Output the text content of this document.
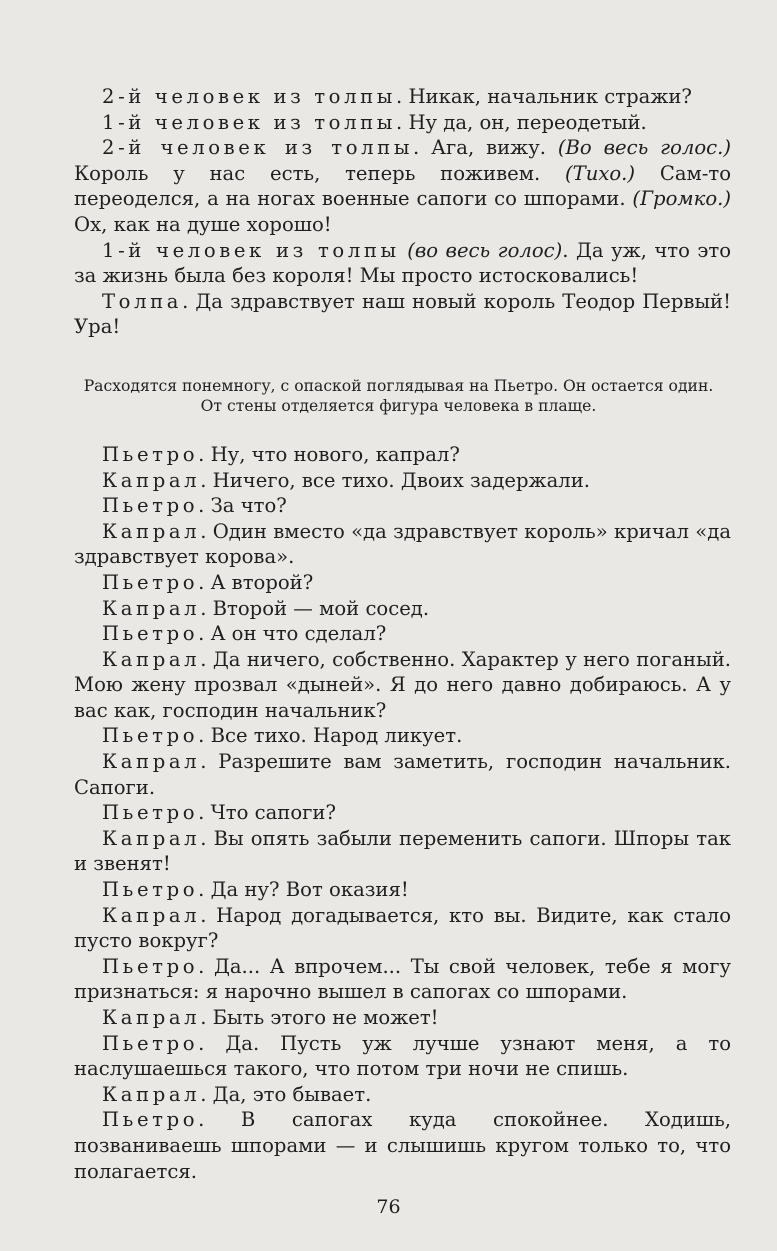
2-й человек из толпы. Никак, начальник стражи?

1-й человек из толпы. Ну да, он, переодетый.

2-й человек из толпы. Ага, вижу. (Во весь голос.) Король у нас есть, теперь поживем. (Тихо.) Сам-то переоделся, а на ногах военные сапоги со шпорами. (Громко.) Ох, как на душе хорошо!

1-й человек из толпы (во весь голос). Да уж, что это за жизнь была без короля! Мы просто истосковались!

Толпа. Да здравствует наш новый король Теодор Первый! Ура!

Расходятся понемногу, с опаской поглядывая на Пьетро. Он остается один. От стены отделяется фигура человека в плаще.

Пьетро. Ну, что нового, капрал?

Капрал. Ничего, все тихо. Двоих задержали.

Пьетро. За что?

Капрал. Один вместо «да здравствует король» кричал «да здравствует корова».

Пьетро. А второй?

Капрал. Второй — мой сосед.

Пьетро. А он что сделал?

Капрал. Да ничего, собственно. Характер у него поганый. Мою жену прозвал «дыней». Я до него давно добираюсь. А у вас как, господин начальник?

Пьетро. Все тихо. Народ ликует.

Капрал. Разрешите вам заметить, господин начальник. Сапоги.

Пьетро. Что сапоги?

Капрал. Вы опять забыли переменить сапоги. Шпоры так и звенят!

Пьетро. Да ну? Вот оказия!

Капрал. Народ догадывается, кто вы. Видите, как стало пусто вокруг?

Пьетро. Да... А впрочем... Ты свой человек, тебе я могу признаться: я нарочно вышел в сапогах со шпорами.

Капрал. Быть этого не может!

Пьетро. Да. Пусть уж лучше узнают меня, а то наслушаешься такого, что потом три ночи не спишь.

Капрал. Да, это бывает.

Пьетро. В сапогах куда спокойнее. Ходишь, позваниваешь шпорами — и слышишь кругом только то, что полагается.

76
